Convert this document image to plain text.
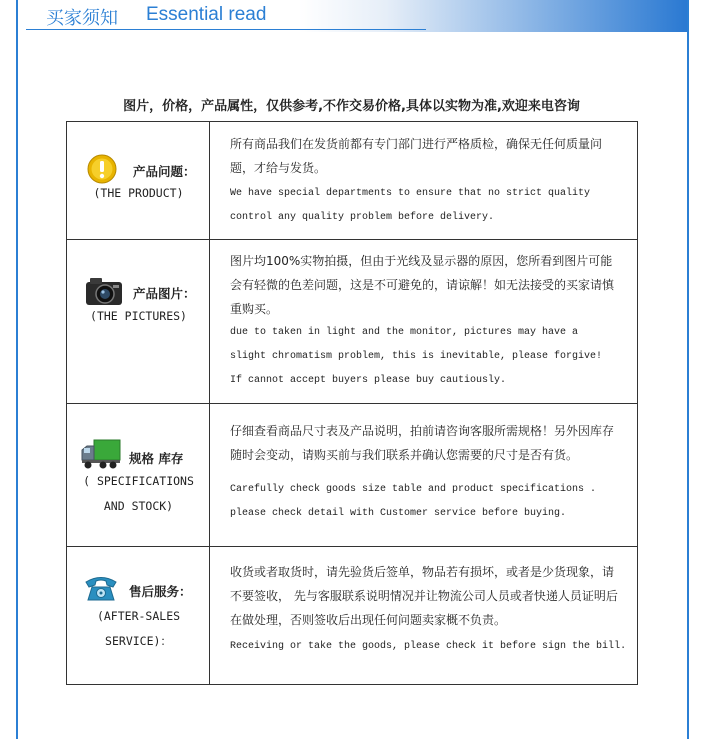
买家须知 Essential read
图片，价格，产品属性，仅供参考,不作交易价格,具体以实物为准,欢迎来电咨询
产品问题：
(THE PRODUCT)
所有商品我们在发货前都有专门部门进行严格质检，确保无任何质量问题，才给与发货。
We have special departments to ensure that no strict quality
control any quality problem before delivery.
产品图片：
(THE PICTURES)
图片均100%实物拍摄，但由于光线及显示器的原因，您所看到图片可能会有轻微的色差问题，这是不可避免的，请谅解！如无法接受的买家请慎重购买。
due to taken in light and the monitor, pictures may have a
slight chromatism problem, this is inevitable, please forgive!
If cannot accept buyers please buy cautiously.
规格 库存
( SPECIFICATIONS
AND STOCK)
仔细查看商品尺寸表及产品说明，拍前请咨询客服所需规格！另外因库存随时会变动，请购买前与我们联系并确认您需要的尺寸是否有货。
Carefully check goods size table and product specifications .
please check detail with Customer service before buying.
售后服务：
(AFTER-SALES
SERVICE)：
收货或者取货时，请先验货后签单，物品若有损坏，或者是少货现象，请不要签收， 先与客服联系说明情况并让物流公司人员或者快递人员证明后在做处理，否则签收后出现任何问题卖家概不负责。
Receiving or take the goods, please check it before sign the bill.
